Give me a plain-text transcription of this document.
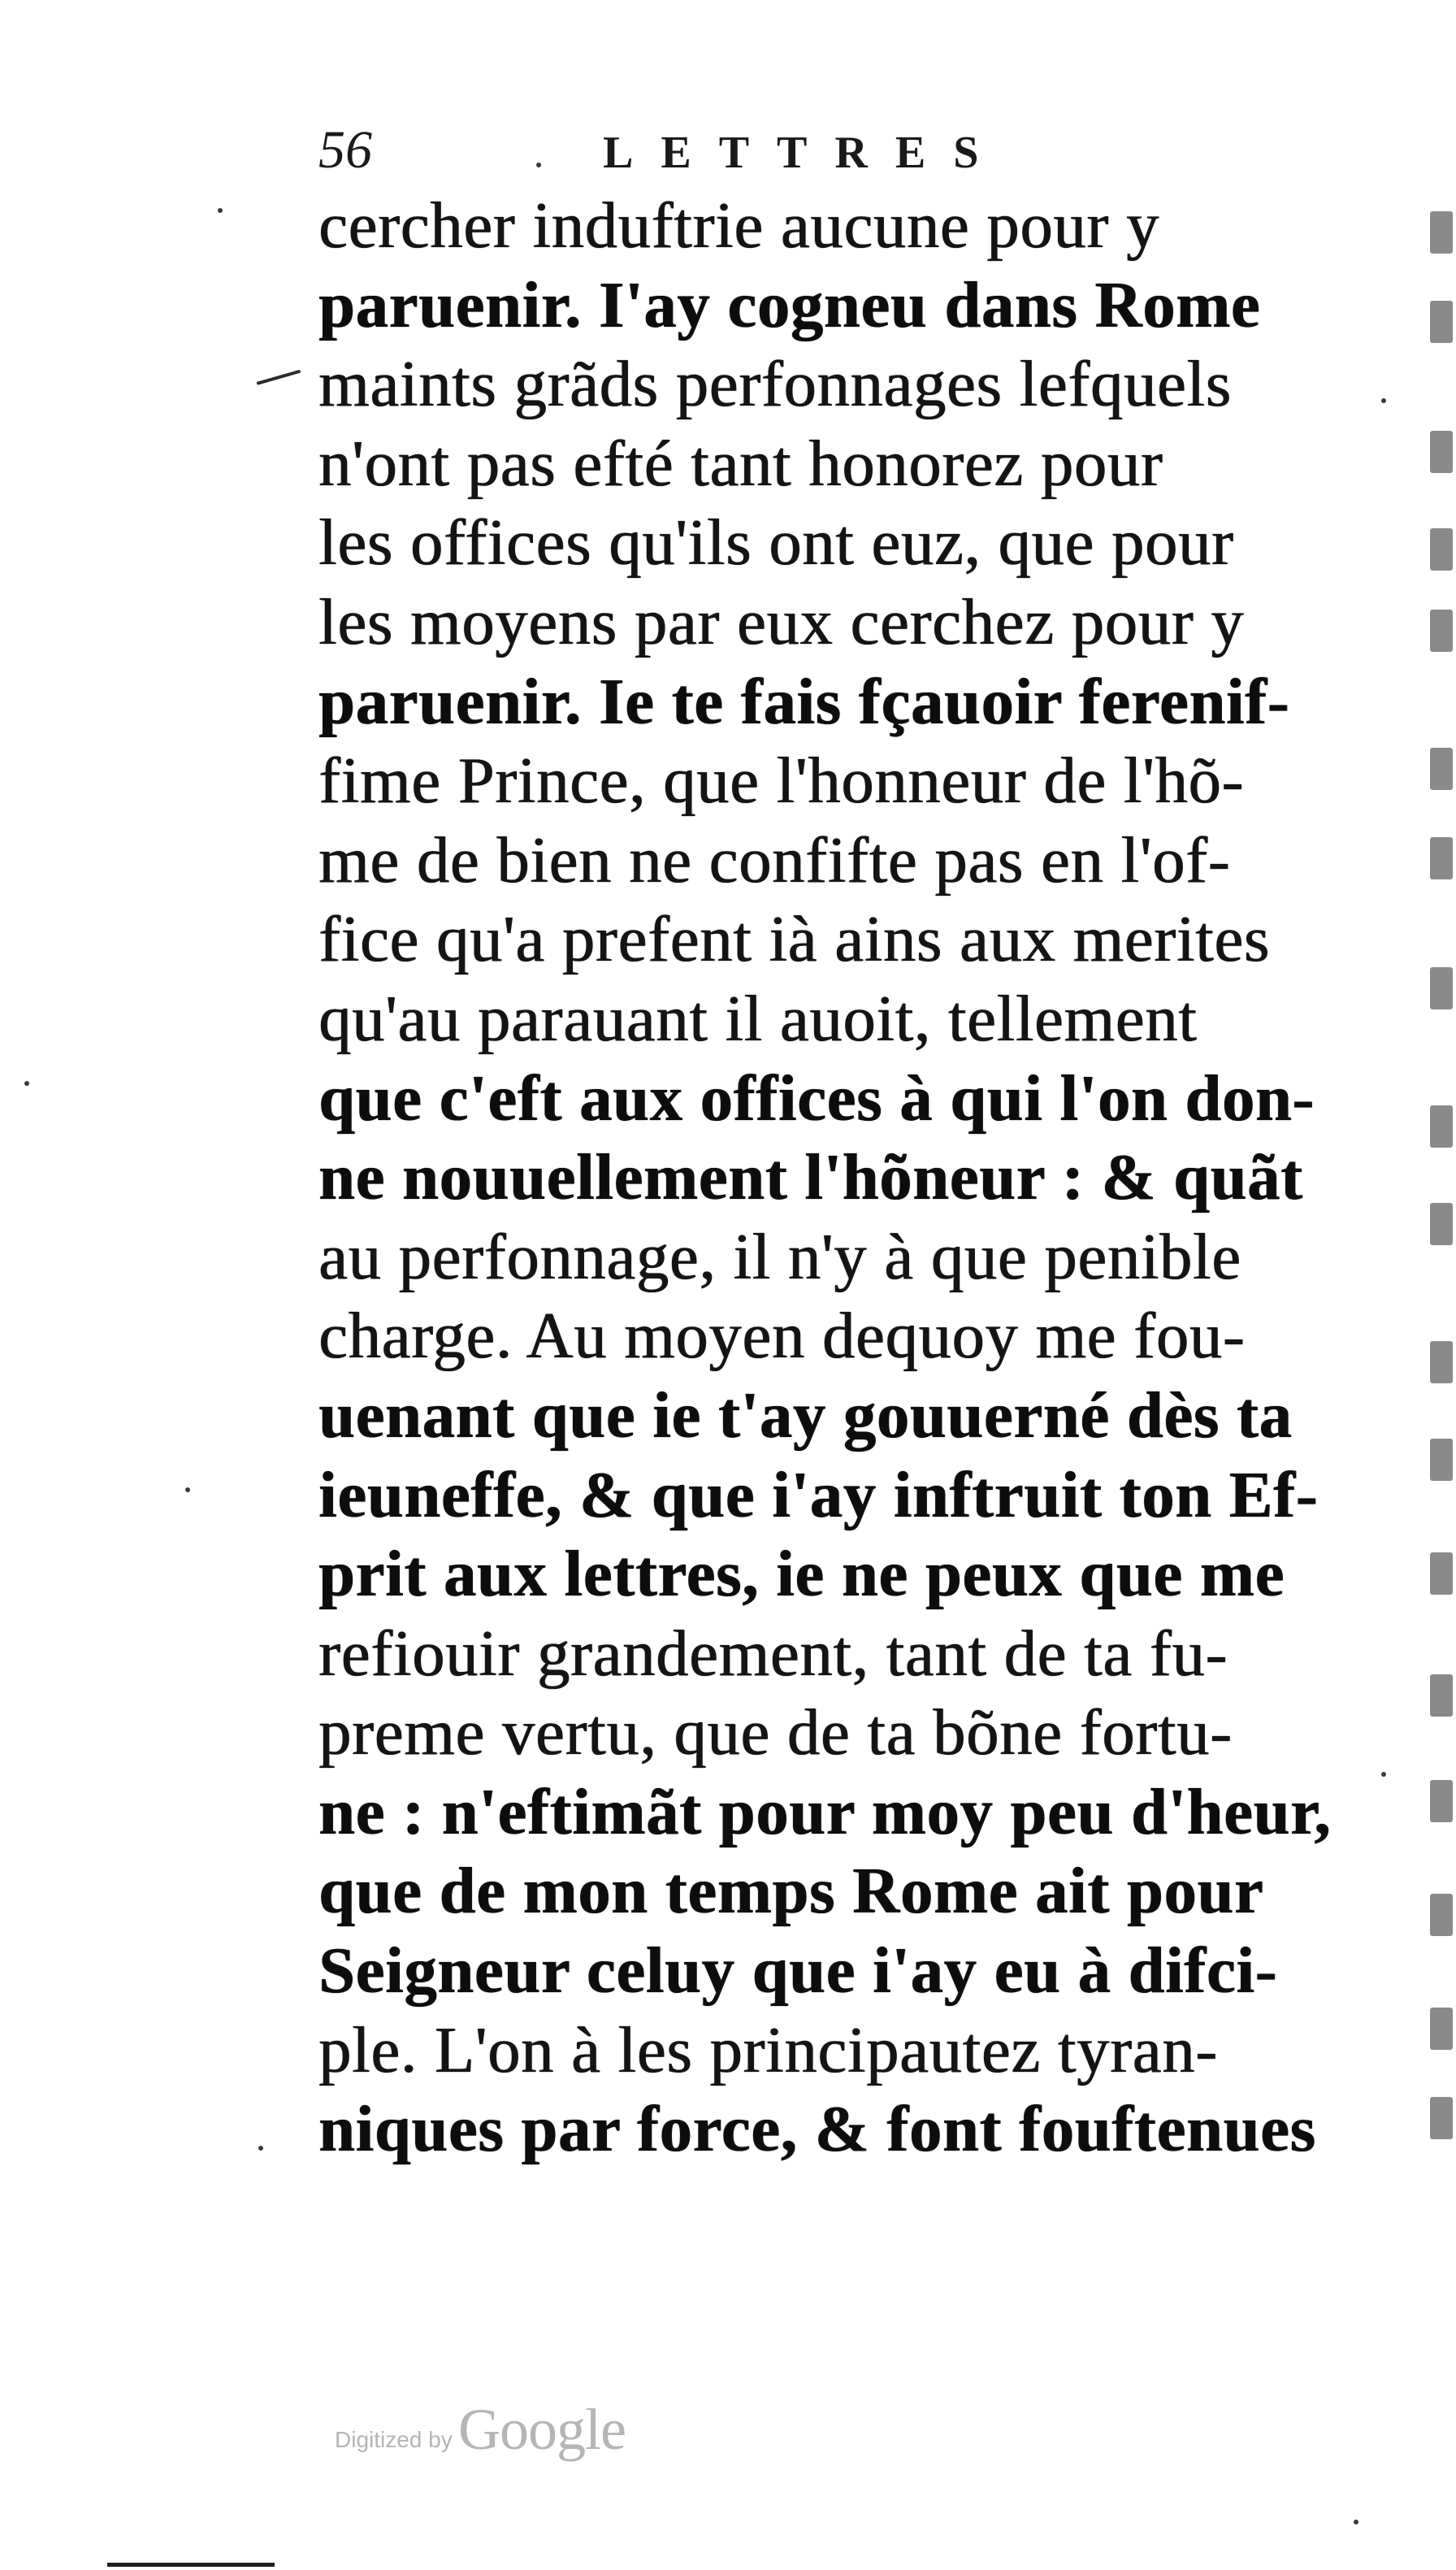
56	LETTRES
cercher induftrie aucune pour y
paruenir. I'ay cogneu dans Rome
maints grãds perfonnages lefquels
n'ont pas efté tant honorez pour
les offices qu'ils ont euz, que pour
les moyens par eux cerchez pour y
paruenir. Ie te fais fçauoir ferenif-
fime Prince, que l'honneur de l'hõ-
me de bien ne confifte pas en l'of-
fice qu'a prefent ià ains aux merites
qu'au parauant il auoit, tellement
que c'eft aux offices à qui l'on don-
ne nouuellement l'hõneur : & quãt
au perfonnage, il n'y à que penible
charge. Au moyen dequoy me fou-
uenant que ie t'ay gouuerné dès ta
ieuneffe, & que i'ay inftruit ton Ef-
prit aux lettres, ie ne peux que me
refiouir grandement, tant de ta fu-
preme vertu, que de ta bõne fortu-
ne : n'eftimãt pour moy peu d'heur,
que de mon temps Rome ait pour
Seigneur celuy que i'ay eu à difci-
ple. L'on à les principautez tyran-
niques par force, & font fouftenues
Digitized by Google
